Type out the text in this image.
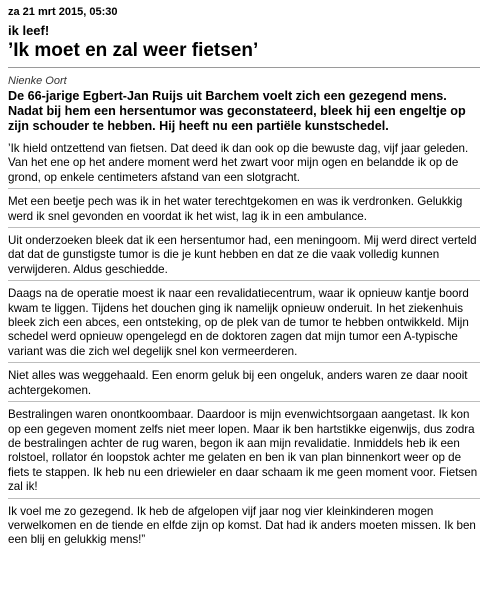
za 21 mrt 2015, 05:30
ik leef!
’Ik moet en zal weer fietsen’
Nienke Oort
De 66-jarige Egbert-Jan Ruijs uit Barchem voelt zich een gezegend mens. Nadat bij hem een hersentumor was geconstateerd, bleek hij een engeltje op zijn schouder te hebben. Hij heeft nu een partiële kunstschedel.
’Ik hield ontzettend van fietsen. Dat deed ik dan ook op die bewuste dag, vijf jaar geleden. Van het ene op het andere moment werd het zwart voor mijn ogen en belandde ik op de grond, op enkele centimeters afstand van een slotgracht.
Met een beetje pech was ik in het water terechtgekomen en was ik verdronken. Gelukkig werd ik snel gevonden en voordat ik het wist, lag ik in een ambulance.
Uit onderzoeken bleek dat ik een hersentumor had, een meningoom. Mij werd direct verteld dat dat de gunstigste tumor is die je kunt hebben en dat ze die vaak volledig kunnen verwijderen. Aldus geschiedde.
Daags na de operatie moest ik naar een revalidatiecentrum, waar ik opnieuw kantje boord kwam te liggen. Tijdens het douchen ging ik namelijk opnieuw onderuit. In het ziekenhuis bleek zich een abces, een ontsteking, op de plek van de tumor te hebben ontwikkeld. Mijn schedel werd opnieuw opengelegd en de doktoren zagen dat mijn tumor een A-typische variant was die zich wel degelijk snel kon vermeerderen.
Niet alles was weggehaald. Een enorm geluk bij een ongeluk, anders waren ze daar nooit achtergekomen.
Bestralingen waren onontkoombaar. Daardoor is mijn evenwichtsorgaan aangetast. Ik kon op een gegeven moment zelfs niet meer lopen. Maar ik ben hartstikke eigenwijs, dus zodra de bestralingen achter de rug waren, begon ik aan mijn revalidatie. Inmiddels heb ik een rolstoel, rollator én loopstok achter me gelaten en ben ik van plan binnenkort weer op de fiets te stappen. Ik heb nu een driewieler en daar schaam ik me geen moment voor. Fietsen zal ik!
Ik voel me zo gezegend. Ik heb de afgelopen vijf jaar nog vier kleinkinderen mogen verwelkomen en de tiende en elfde zijn op komst. Dat had ik anders moeten missen. Ik ben een blij en gelukkig mens!”
